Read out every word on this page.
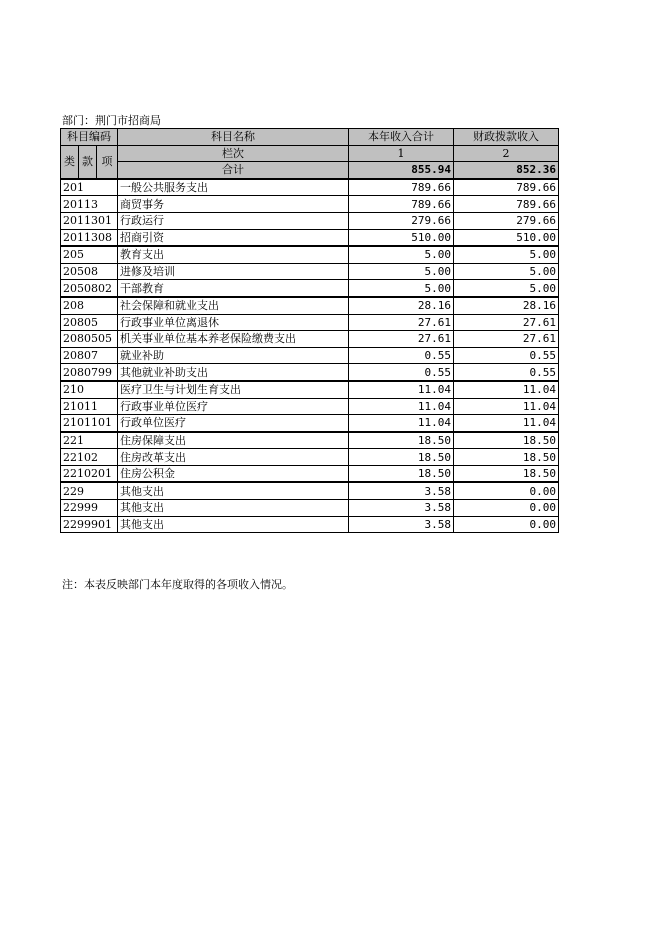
部门：荆门市招商局
科目编码			科目名称	本年收入合计	财政拨款收入
类	款	项	栏次	1	2
			合计	855.94	852.36
201			一般公共服务支出	789.66	789.66
20113			商贸事务	789.66	789.66
2011301			行政运行	279.66	279.66
2011308			招商引资	510.00	510.00
205			教育支出	5.00	5.00
20508			进修及培训	5.00	5.00
2050802			干部教育	5.00	5.00
208			社会保障和就业支出	28.16	28.16
20805			行政事业单位离退休	27.61	27.61
2080505			机关事业单位基本养老保险缴费支出	27.61	27.61
20807			就业补助	0.55	0.55
2080799			其他就业补助支出	0.55	0.55
210			医疗卫生与计划生育支出	11.04	11.04
21011			行政事业单位医疗	11.04	11.04
2101101			行政单位医疗	11.04	11.04
221			住房保障支出	18.50	18.50
22102			住房改革支出	18.50	18.50
2210201			住房公积金	18.50	18.50
229			其他支出	3.58	0.00
22999			其他支出	3.58	0.00
2299901			其他支出	3.58	0.00
注：本表反映部门本年度取得的各项收入情况。
